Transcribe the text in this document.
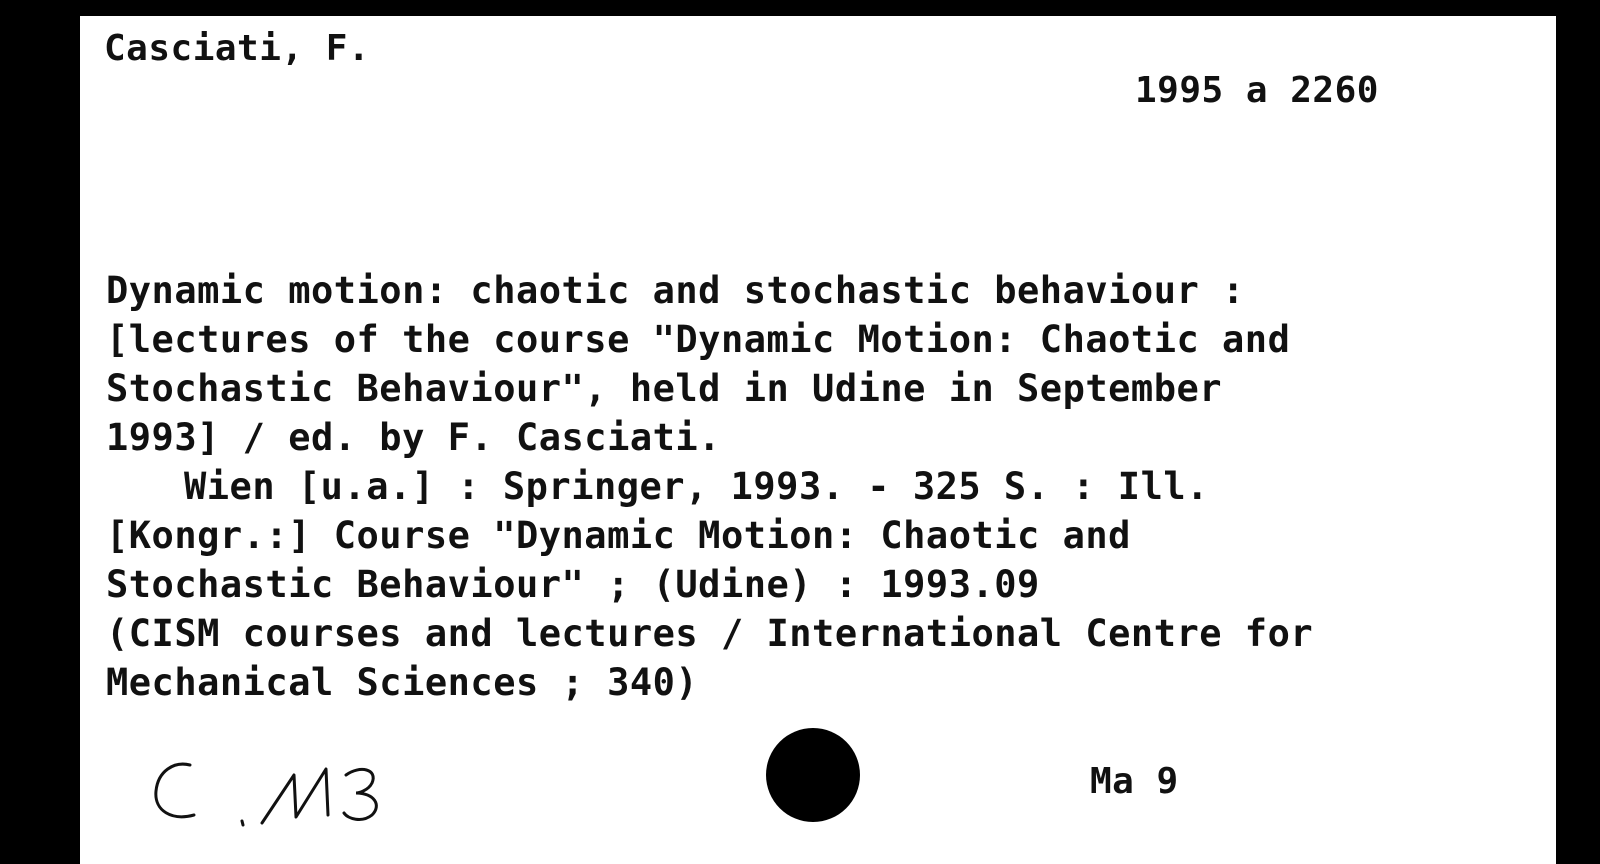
Casciati, F.

1995 a 2260

Dynamic motion: chaotic and stochastic behaviour :
[lectures of the course "Dynamic Motion: Chaotic and
Stochastic Behaviour", held in Udine in September
1993] / ed. by F. Casciati.
Wien [u.a.] : Springer, 1993. - 325 S. : Ill.
[Kongr.:] Course "Dynamic Motion: Chaotic and
Stochastic Behaviour" ; (Udine) : 1993.09
(CISM courses and lectures / International Centre for
Mechanical Sciences ; 340)

Ma 9
